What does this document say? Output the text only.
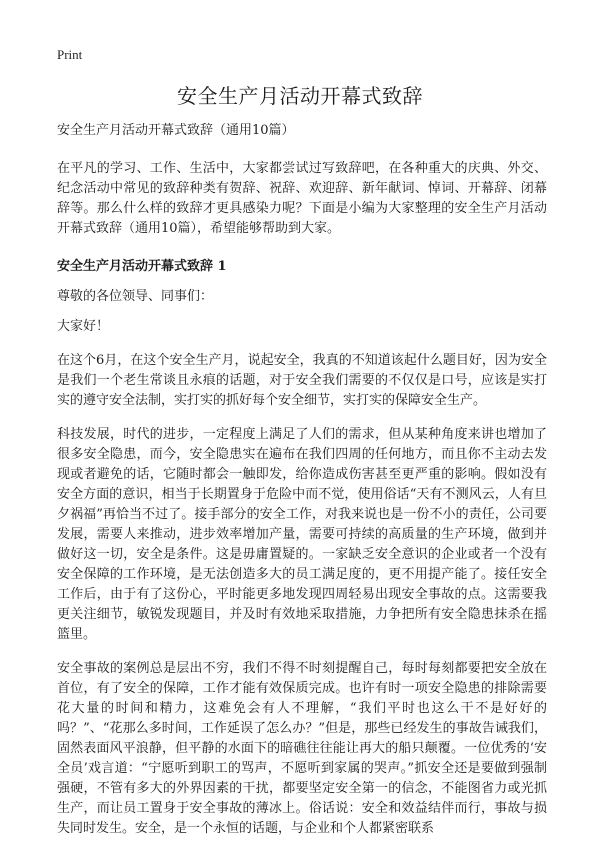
Print
安全生产月活动开幕式致辞

安全生产月活动开幕式致辞（通用10篇）

在平凡的学习、工作、生活中，大家都尝试过写致辞吧，在各种重大的庆典、外交、纪念活动中常见的致辞种类有贺辞、祝辞、欢迎辞、新年献词、悼词、开幕辞、闭幕辞等。那么什么样的致辞才更具感染力呢？下面是小编为大家整理的安全生产月活动开幕式致辞（通用10篇），希望能够帮助到大家。

安全生产月活动开幕式致辞 1

尊敬的各位领导、同事们：

大家好！

在这个6月，在这个安全生产月，说起安全，我真的不知道该起什么题目好，因为安全是我们一个老生常谈且永痕的话题，对于安全我们需要的不仅仅是口号，应该是实打实的遵守安全法制，实打实的抓好每个安全细节，实打实的保障安全生产。

科技发展，时代的进步，一定程度上满足了人们的需求，但从某种角度来讲也增加了很多安全隐患，而今，安全隐患实在遍布在我们四周的任何地方，而且你不主动去发现或者避免的话，它随时都会一触即发，给你造成伤害甚至更严重的影响。假如没有安全方面的意识，相当于长期置身于危险中而不觉，使用俗话“天有不测风云，人有旦夕祸福”再恰当不过了。接手部分的安全工作，对我来说也是一份不小的责任，公司要发展，需要人来推动，进步效率增加产量，需要可持续的高质量的生产环境，做到并做好这一切，安全是条件。这是毋庸置疑的。一家缺乏安全意识的企业或者一个没有安全保障的工作环境，是无法创造多大的员工满足度的，更不用提产能了。接任安全工作后，由于有了这份心，平时能更多地发现四周轻易出现安全事故的点。这需要我更关注细节，敏锐发现题目，并及时有效地采取措施，力争把所有安全隐患抹杀在摇篮里。

安全事故的案例总是层出不穷，我们不得不时刻提醒自己，每时每刻都要把安全放在首位，有了安全的保障，工作才能有效保质完成。也许有时一项安全隐患的排除需要花大量的时间和精力，这难免会有人不理解，“我们平时也这么干不是好好的吗？”、“花那么多时间，工作延误了怎么办？”但是，那些已经发生的事故告诫我们，固然表面风平浪静，但平静的水面下的暗礁往往能让再大的船只颠覆。一位优秀的‘安全员’戏言道：“宁愿听到职工的骂声，不愿听到家属的哭声。”抓安全还是要做到强制强硬，不管有多大的外界因素的干扰，都要坚定安全第一的信念，不能图省力或光抓生产，而让员工置身于安全事故的薄冰上。俗话说：安全和效益结伴而行，事故与损失同时发生。安全，是一个永恒的话题，与企业和个人都紧密联系
